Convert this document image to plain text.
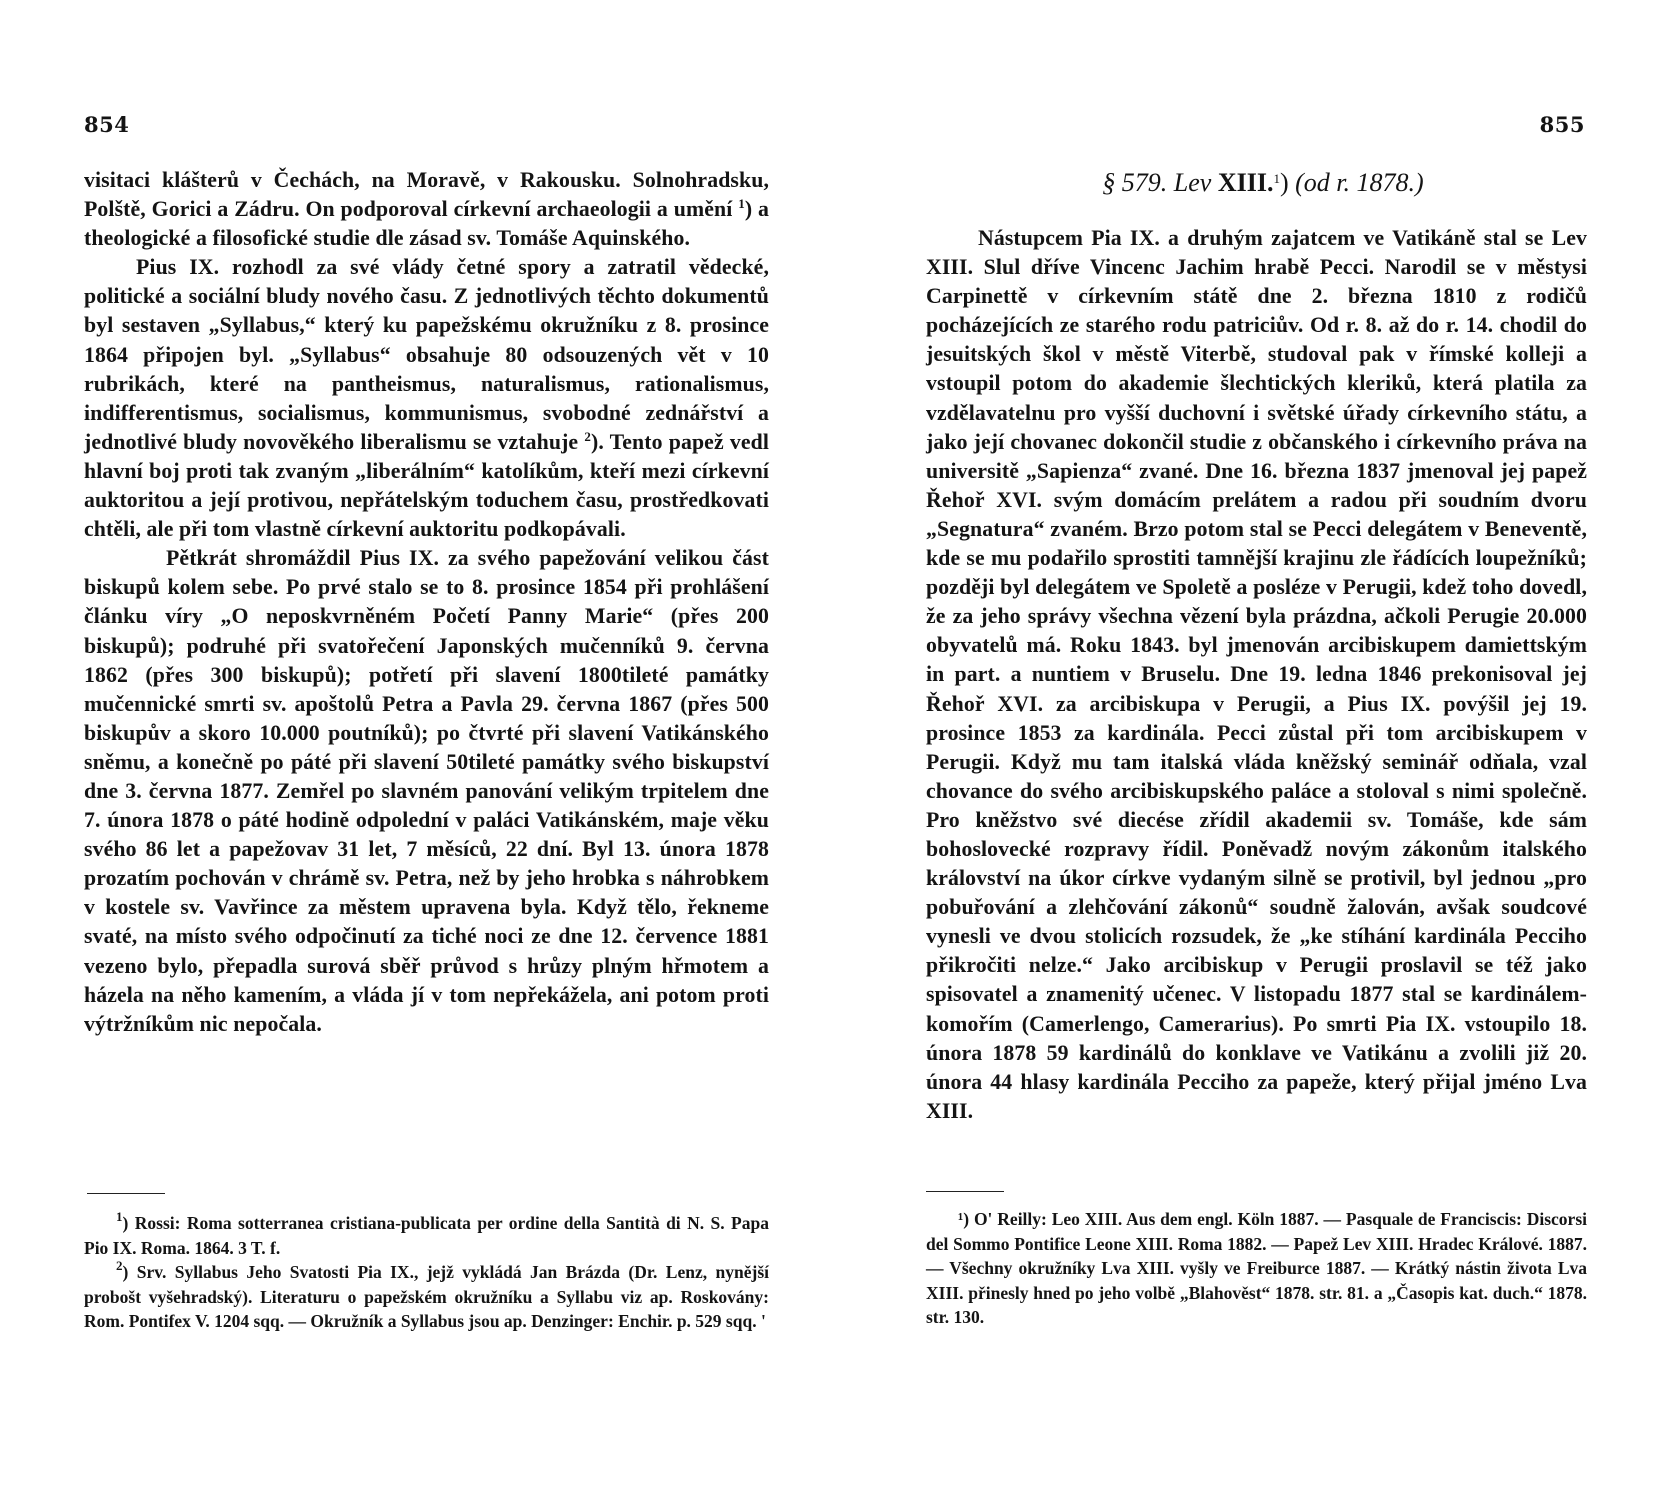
854

visitaci klášterů v Čechách, na Moravě, v Rakousku. Solnohradsku, Polště, Gorici a Zádru. On podporoval církevní archaeologii a umění $^1$) a theologické a filosofické studie dle zásad sv. Tomáše Aquinského.

Pius IX. rozhodl za své vlády četné spory a zatratil vědecké, politické a sociální bludy nového času. Z jednotlivých těchto dokumentů byl sestaven „Syllabus,“ který ku papežskému okružníku z 8. prosince 1864 připojen byl. „Syllabus“ obsahuje 80 odsouzených vět v 10 rubrikách, které na pantheismus, naturalismus, rationalismus, indifferentismus, socialismus, kommunismus, svobodné zednářství a jednotlivé bludy novověkého liberalismu se vztahuje $^2$). Tento papež vedl hlavní boj proti tak zvaným „liberálním“ katolíkům, kteří mezi církevní auktoritou a její protivou, nepřátelským toduchem času, prostředkovati chtěli, ale při tom vlastně církevní auktoritu podkopávali.

Pětkrát shromáždil Pius IX. za svého papežování velikou část biskupů kolem sebe. Po prvé stalo se to 8. prosince 1854 při prohlášení článku víry „O neposkvrněném Početí Panny Marie“ (přes 200 biskupů); podruhé při svatořečení Japonských mučenníků 9. června 1862 (přes 300 biskupů); potřetí při slavení 1800tileté památky mučennické smrti sv. apoštolů Petra a Pavla 29. června 1867 (přes 500 biskupův a skoro 10.000 poutníků); po čtvrté při slavení Vatikánského sněmu, a konečně po páté při slavení 50tileté památky svého biskupství dne 3. června 1877. Zemřel po slavném panování velikým trpitelem dne 7. února 1878 o páté hodině odpolední v paláci Vatikánském, maje věku svého 86 let a papežovav 31 let, 7 měsíců, 22 dní. Byl 13. února 1878 prozatím pochován v chrámě sv. Petra, než by jeho hrobka s náhrobkem v kostele sv. Vavřince za městem upravena byla. Když tělo, řekneme svaté, na místo svého odpočinutí za tiché noci ze dne 12. července 1881 vezeno bylo, přepadla surová sběř průvod s hrůzy plným hřmotem a házela na něho kamením, a vláda jí v tom nepřekážela, ani potom proti výtržníkům nic nepočala.

$^1$) Rossi: Roma sotterranea cristiana-publicata per ordine della Santità di N. S. Papa Pio IX. Roma. 1864. 3 T. f.

$^2$) Srv. Syllabus Jeho Svatosti Pia IX., jejž vykládá Jan Brázda (Dr. Lenz, nynější probošt vyšehradský). Literaturu o papežském okružníku a Syllabu viz ap. Roskovány: Rom. Pontifex V. 1204 sqq. — Okružník a Syllabus jsou ap. Denzinger: Enchir. p. 529 sqq. '

855
§ 579. Lev XIII.$^1$) (od r. 1878.)

Nástupcem Pia IX. a druhým zajatcem ve Vatikáně stal se Lev XIII. Slul dříve Vincenc Jachim hrabě Pecci. Narodil se v městysi Carpinettě v církevním státě dne 2. března 1810 z rodičů pocházejících ze starého rodu patriciův. Od r. 8. až do r. 14. chodil do jesuitských škol v městě Viterbě, studoval pak v římské kolleji a vstoupil potom do akademie šlechtických kleriků, která platila za vzdělavatelnu pro vyšší duchovní i světské úřady církevního státu, a jako její chovanec dokončil studie z občanského i církevního práva na universitě „Sapienza“ zvané. Dne 16. března 1837 jmenoval jej papež Řehoř XVI. svým domácím prelátem a radou při soudním dvoru „Segnatura“ zvaném. Brzo potom stal se Pecci delegátem v Beneventě, kde se mu podařilo sprostiti tamnější krajinu zle řádících loupežníků; později byl delegátem ve Spoletě a posléze v Perugii, kdež toho dovedl, že za jeho správy všechna vězení byla prázdna, ačkoli Perugie 20.000 obyvatelů má. Roku 1843. byl jmenován arcibiskupem damiettským in part. a nuntiem v Bruselu. Dne 19. ledna 1846 prekonisoval jej Řehoř XVI. za arcibiskupa v Perugii, a Pius IX. povýšil jej 19. prosince 1853 za kardinála. Pecci zůstal při tom arcibiskupem v Perugii. Když mu tam italská vláda kněžský seminář odňala, vzal chovance do svého arcibiskupského paláce a stoloval s nimi společně. Pro kněžstvo své diecése zřídil akademii sv. Tomáše, kde sám bohoslovecké rozpravy řídil. Poněvadž novým zákonům italského království na úkor církve vydaným silně se protivil, byl jednou „pro pobuřování a zlehčování zákonů“ soudně žalován, avšak soudcové vynesli ve dvou stolicích rozsudek, že „ke stíhání kardinála Pecciho přikročiti nelze.“ Jako arcibiskup v Perugii proslavil se též jako spisovatel a znamenitý učenec. V listopadu 1877 stal se kardinálem-komořím (Camerlengo, Camerarius). Po smrti Pia IX. vstoupilo 18. února 1878 59 kardinálů do konklave ve Vatikánu a zvolili již 20. února 44 hlasy kardinála Pecciho za papeže, který přijal jméno Lva XIII.

¹) O' Reilly: Leo XIII. Aus dem engl. Köln 1887. — Pasquale de Franciscis: Discorsi del Sommo Pontifice Leone XIII. Roma 1882. — Papež Lev XIII. Hradec Králové. 1887. — Všechny okružníky Lva XIII. vyšly ve Freiburce 1887. — Krátký nástin života Lva XIII. přinesly hned po jeho volbě „Blahověst“ 1878. str. 81. a „Časopis kat. duch.“ 1878. str. 130.
